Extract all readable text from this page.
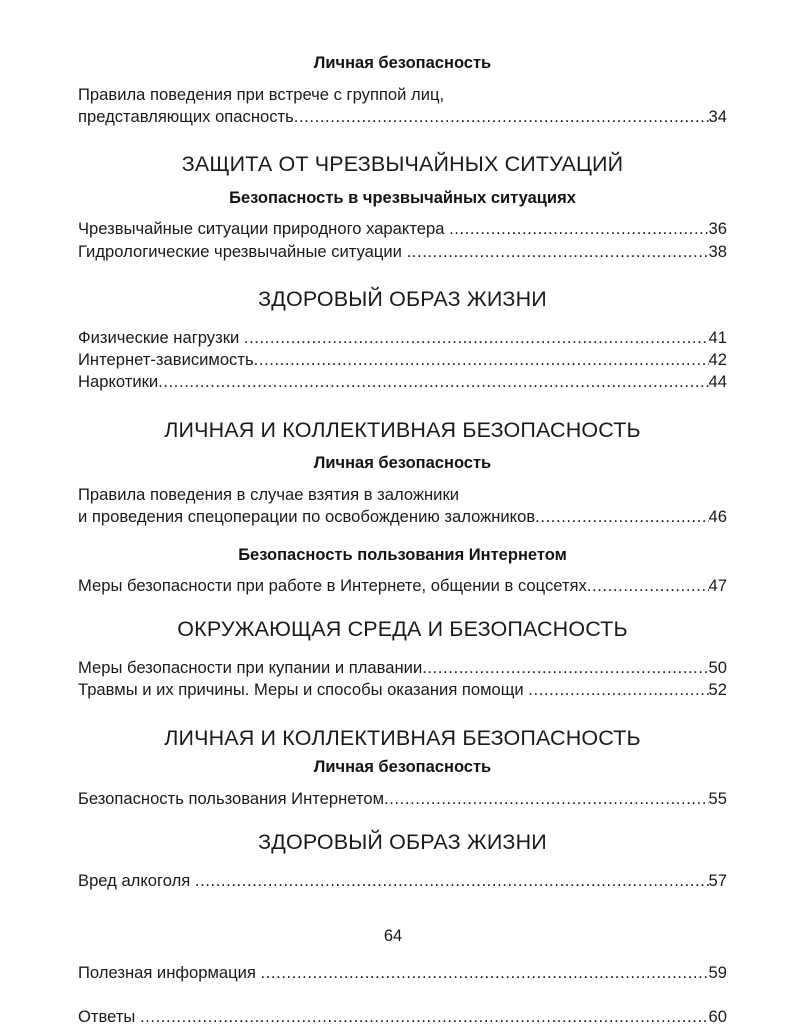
Личная безопасность
Правила поведения при встрече с группой лиц,
представляющих опасность .....	34
ЗАЩИТА ОТ ЧРЕЗВЫЧАЙНЫХ СИТУАЦИЙ
Безопасность в чрезвычайных ситуациях
Чрезвычайные ситуации природного характера .....	36
Гидрологические чрезвычайные ситуации .....	38
ЗДОРОВЫЙ ОБРАЗ ЖИЗНИ
Физические нагрузки .....	41
Интернет-зависимость .....	42
Наркотики .....	44
ЛИЧНАЯ И КОЛЛЕКТИВНАЯ БЕЗОПАСНОСТЬ
Личная безопасность
Правила поведения в случае взятия в заложники
и проведения спецоперации по освобождению заложников .....	46
Безопасность пользования Интернетом
Меры безопасности при работе в Интернете, общении в соцсетях .....	47
ОКРУЖАЮЩАЯ СРЕДА И БЕЗОПАСНОСТЬ
Меры безопасности при купании и плавании .....	50
Травмы и их причины. Меры и способы оказания помощи .....	52
ЛИЧНАЯ И КОЛЛЕКТИВНАЯ БЕЗОПАСНОСТЬ
Личная безопасность
Безопасность пользования Интернетом .....	55
ЗДОРОВЫЙ ОБРАЗ ЖИЗНИ
Вред алкоголя .....	57
Полезная информация .....	59
Ответы .....	60
64
